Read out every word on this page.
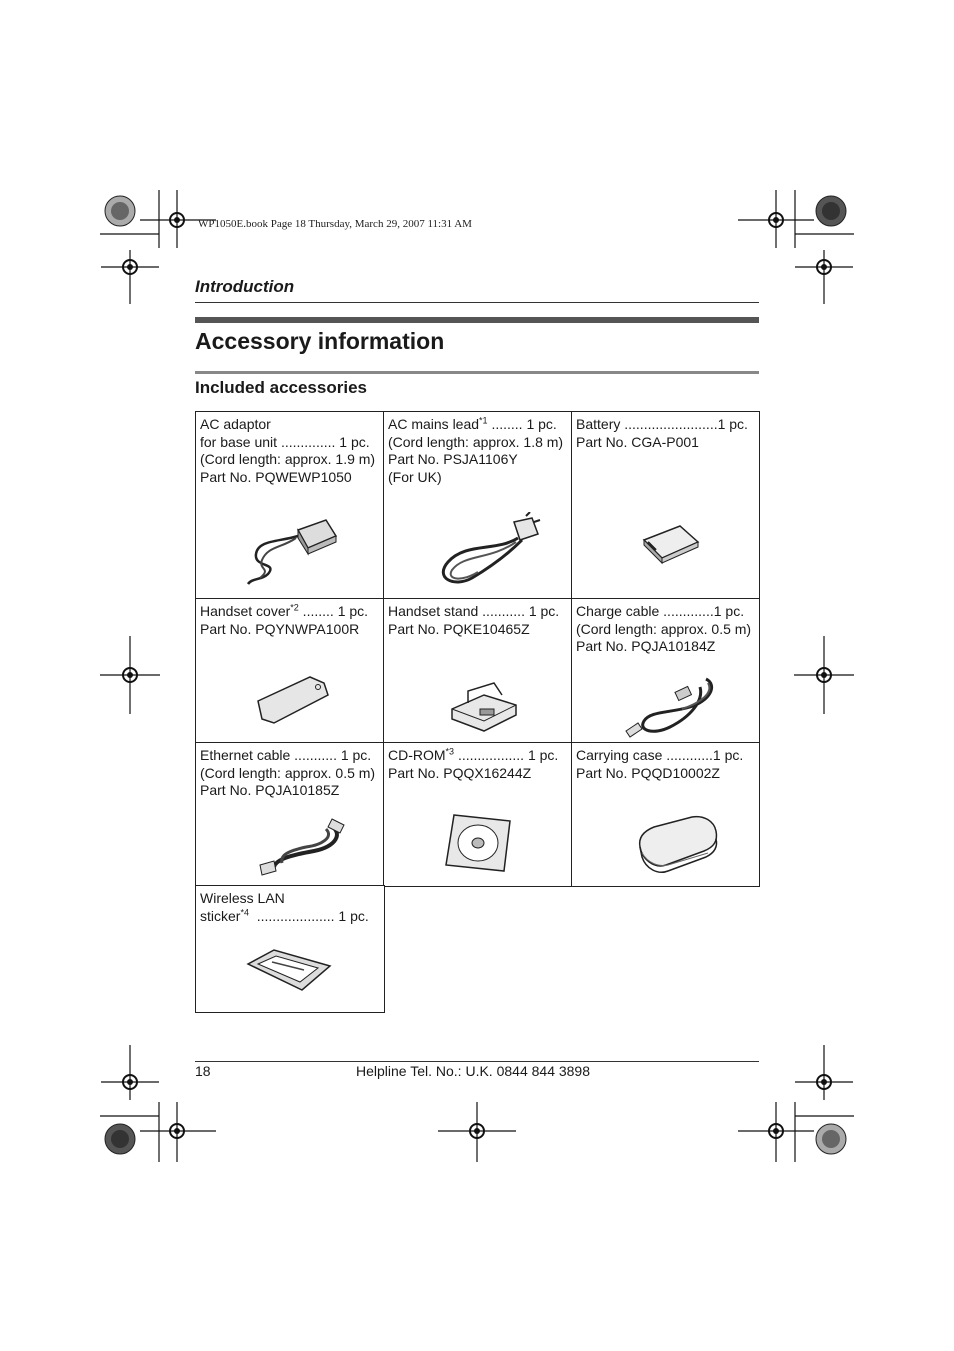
WP1050E.book Page 18 Thursday, March 29, 2007 11:31 AM
Introduction
Accessory information
Included accessories
AC adaptor
for base unit .............. 1 pc.
(Cord length: approx. 1.9 m)
Part No. PQWEWP1050
AC mains lead$^{*1}$ ........ 1 pc.
(Cord length: approx. 1.8 m)
Part No. PSJA1106Y
(For UK)
Battery ........................1 pc.
Part No. CGA-P001
Handset cover$^{*2}$ ........ 1 pc.
Part No. PQYNWPA100R
Handset stand ........... 1 pc.
Part No. PQKE10465Z
Charge cable .............1 pc.
(Cord length: approx. 0.5 m)
Part No. PQJA10184Z
Ethernet cable ........... 1 pc.
(Cord length: approx. 0.5 m)
Part No. PQJA10185Z
CD-ROM$^{*3}$ ................. 1 pc.
Part No. PQQX16244Z
Carrying case ............1 pc.
Part No. PQQD10002Z
Wireless LAN
sticker$^{*4}$  .................... 1 pc.
18	Helpline Tel. No.: U.K. 0844 844 3898
